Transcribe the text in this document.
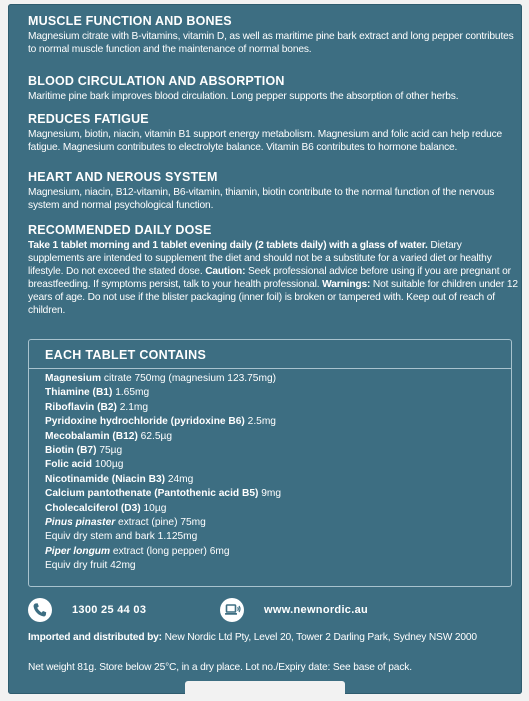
MUSCLE FUNCTION AND BONES
Magnesium citrate with B-vitamins, vitamin D, as well as maritime pine bark extract and long pepper contributes to normal muscle function and the maintenance of normal bones.
BLOOD CIRCULATION AND ABSORPTION
Maritime pine bark improves blood circulation. Long pepper supports the absorption of other herbs.
REDUCES FATIGUE
Magnesium, biotin, niacin, vitamin B1 support energy metabolism. Magnesium and folic acid can help reduce fatigue. Magnesium contributes to electrolyte balance. Vitamin B6 contributes to hormone balance.
HEART AND NEROUS SYSTEM
Magnesium, niacin, B12-vitamin, B6-vitamin, thiamin, biotin contribute to the normal function of the nervous system and normal psychological function.
RECOMMENDED DAILY DOSE
Take 1 tablet morning and 1 tablet evening daily (2 tablets daily) with a glass of water. Dietary supplements are intended to supplement the diet and should not be a substitute for a varied diet or healthy lifestyle. Do not exceed the stated dose. Caution: Seek professional advice before using if you are pregnant or breastfeeding. If symptoms persist, talk to your health professional. Warnings: Not suitable for children under 12 years of age. Do not use if the blister packaging (inner foil) is broken or tampered with. Keep out of reach of children.
EACH TABLET CONTAINS
Magnesium citrate 750mg (magnesium 123.75mg)
Thiamine (B1) 1.65mg
Riboflavin (B2) 2.1mg
Pyridoxine hydrochloride (pyridoxine B6) 2.5mg
Mecobalamin (B12) 62.5µg
Biotin (B7) 75µg
Folic acid 100µg
Nicotinamide (Niacin B3) 24mg
Calcium pantothenate (Pantothenic acid B5) 9mg
Cholecalciferol (D3) 10µg
Pinus pinaster extract (pine) 75mg
Equiv dry stem and bark 1.125mg
Piper longum extract (long pepper) 6mg
Equiv dry fruit 42mg
1300 25 44 03	www.newnordic.au
Imported and distributed by: New Nordic Ltd Pty, Level 20, Tower 2 Darling Park, Sydney NSW 2000
Net weight 81g. Store below 25°C, in a dry place. Lot no./Expiry date: See base of pack.
